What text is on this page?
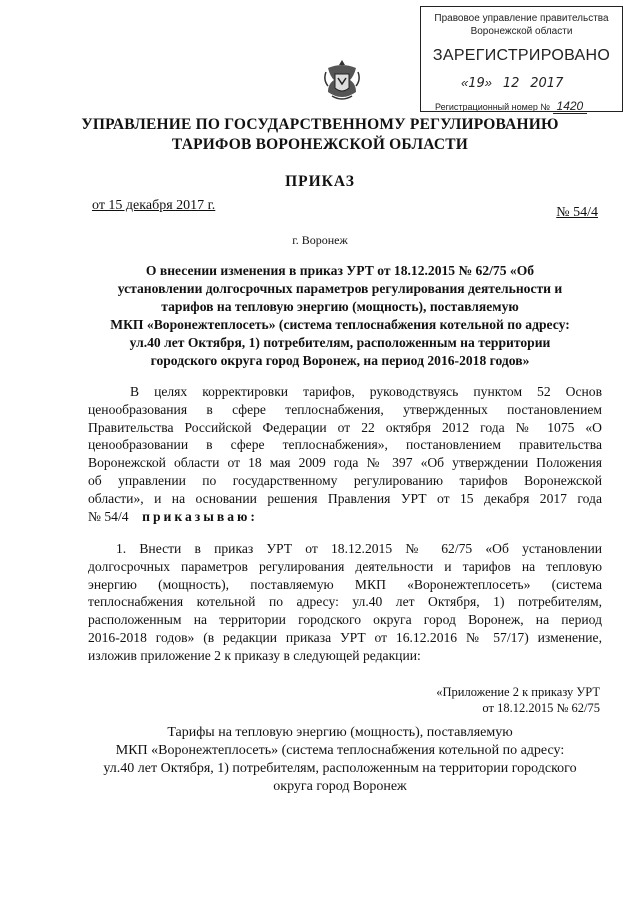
Правовое управление правительства
Воронежской области
ЗАРЕГИСТРИРОВАНО
«19»   12 2017
Регистрационный номер № 1420
УПРАВЛЕНИЕ ПО ГОСУДАРСТВЕННОМУ РЕГУЛИРОВАНИЮ
ТАРИФОВ ВОРОНЕЖСКОЙ ОБЛАСТИ
ПРИКАЗ
от 15 декабря 2017 г.	№ 54/4
г. Воронеж
О внесении изменения в приказ УРТ от 18.12.2015 № 62/75 «Об
установлении долгосрочных параметров регулирования деятельности и
тарифов на тепловую энергию (мощность), поставляемую
МКП «Воронежтеплосеть» (система теплоснабжения котельной по адресу:
ул.40 лет Октября, 1) потребителям, расположенным на территории
городского округа город Воронеж, на период 2016-2018 годов»
В целях корректировки тарифов, руководствуясь пунктом 52 Основ
ценообразования в сфере теплоснабжения, утвержденных постановлением
Правительства Российской Федерации от 22 октября 2012 года № 1075 «О
ценообразовании в сфере теплоснабжения», постановлением правительства
Воронежской области от 18 мая 2009 года № 397 «Об утверждении Положения
об управлении по государственному регулированию тарифов Воронежской
области», и на основании решения Правления УРТ от 15 декабря 2017 года
№ 54/4 приказываю:
1. Внести в приказ УРТ от 18.12.2015 № 62/75 «Об установлении
долгосрочных параметров регулирования деятельности и тарифов на тепловую
энергию (мощность), поставляемую МКП «Воронежтеплосеть» (система
теплоснабжения котельной по адресу: ул.40 лет Октября, 1) потребителям,
расположенным на территории городского округа город Воронеж, на период
2016-2018 годов» (в редакции приказа УРТ от 16.12.2016 № 57/17) изменение,
изложив приложение 2 к приказу в следующей редакции:
«Приложение 2 к приказу УРТ
от 18.12.2015 № 62/75
Тарифы на тепловую энергию (мощность), поставляемую
МКП «Воронежтеплосеть» (система теплоснабжения котельной по адресу:
ул.40 лет Октября, 1) потребителям, расположенным на территории городского
округа город Воронеж
